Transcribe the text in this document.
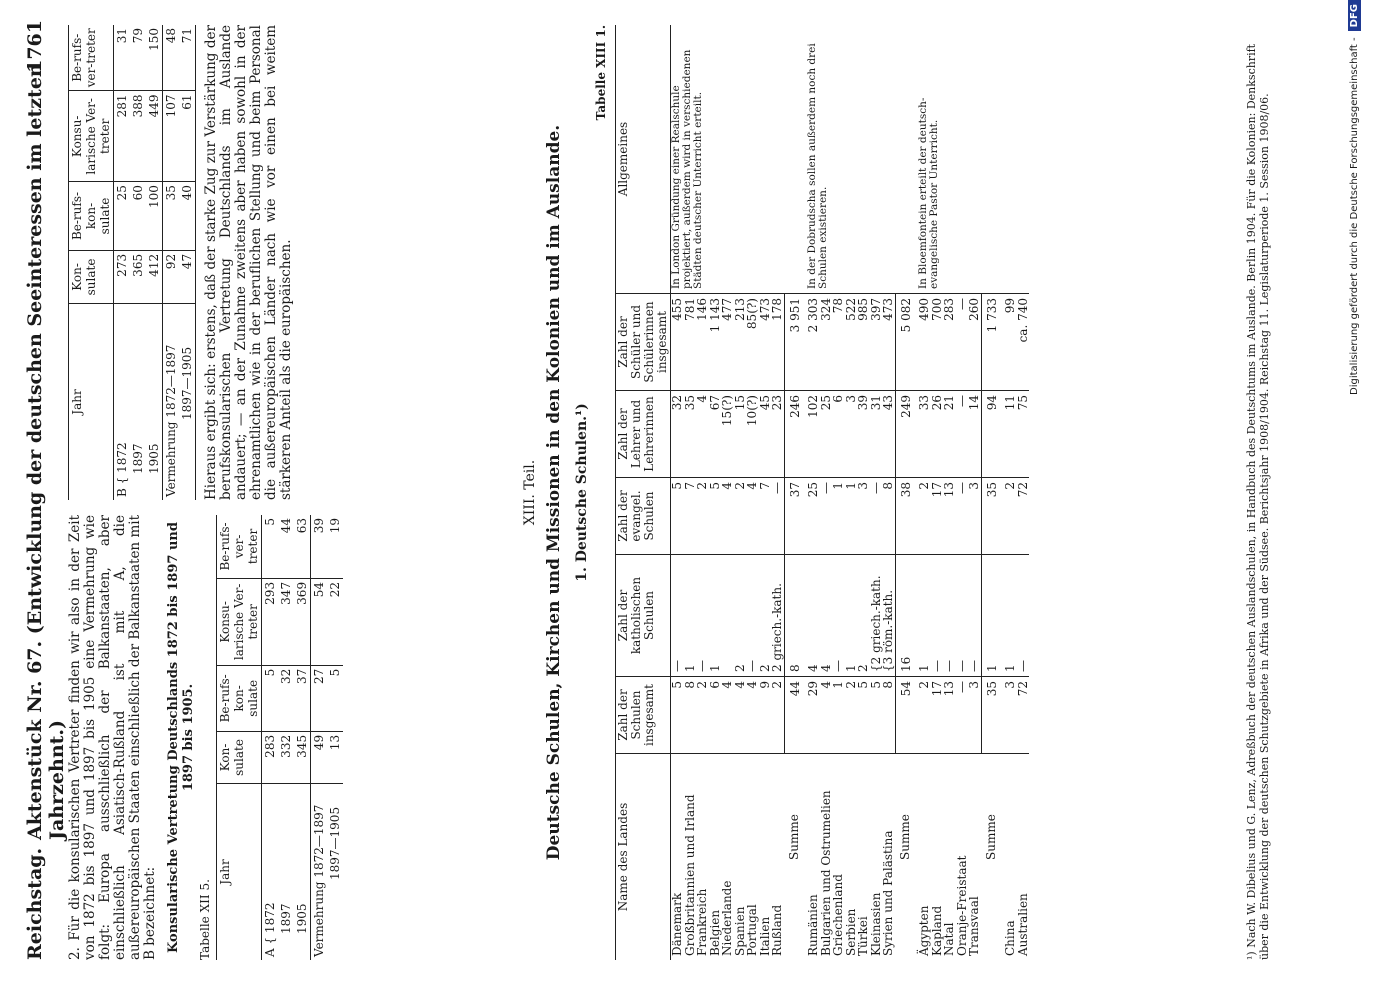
Reichstag.
Aktenstück Nr. 67. (Entwicklung der deutschen Seeinteressen im letzten Jahrzehnt.)
1761

2. Für die konsularischen Vertreter finden wir also in der Zeit von 1872 bis 1897 und 1897 bis 1905 eine Vermehrung wie folgt: Europa ausschließlich der Balkanstaaten, aber einschließlich Asiatisch-Rußland ist mit A, die außereuropäischen Staaten einschließlich der Balkanstaaten mit B bezeichnet: Konsularische Vertretung Deutschlands 1872 bis 1897 und 1897 bis 1905.
Tabelle XII 5.
Jahr	Kon-sulate	Be-rufs-kon-sulate	Konsu-larische Ver-treter	Be-rufs-ver-treter
A { 1872	283	5	293	5
1897	332	32	347	44
1905	345	37	369	63
Vermehrung 1872—1897	49	27	54	39
1897—1905	13	5	22	19
Jahr	Kon-sulate	Be-rufs-kon-sulate	Konsu-larische Ver-treter	Be-rufs-ver-treter
B { 1872	273	25	281	31
1897	365	60	388	79
1905	412	100	449	150
Vermehrung 1872—1897	92	35	107	48
1897—1905	47	40	61	71 Hieraus ergibt sich: erstens, daß der starke Zug zur Verstärkung der berufskonsularischen Vertretung Deutschlands im Auslande andauert; — an der Zunahme zweitens aber haben sowohl in der ehrenamtlichen wie in der beruflichen Stellung und beim Personal die außereuropäischen Länder nach wie vor einen bei weitem stärkeren Anteil als die europäischen.	XIII. Teil. Deutsche Schulen, Kirchen und Missionen in den Kolonien und im Auslande. 1. Deutsche Schulen.¹)
Tabelle XIII 1.
Name des Landes	Zahl der Schulen insgesamt	Zahl der katholischen Schulen	Zahl der evangel. Schulen	Zahl der Lehrer und Lehrerinnen	Zahl der Schüler und Schülerinnen insgesamt	Allgemeines
Dänemark	5	—	5	32	455	In London Gründung einer Realschule projektiert, außerdem wird in verschiedenen Städten deutscher Unterricht erteilt.
Großbritannien und Irland	8	1	7	35	781	
Frankreich	2	—	2	4	146	
Belgien	6	1	5	67	1 143	
Niederlande	4		4	15(?)	477	
Spanien	4	2	2	15	213	
Portugal	4	—	4	10(?)	85(?)	
Italien	9	2	7	45	473	
Rußland	2	2 griech.-kath.	—	23	178	
Summe	44	8	37	246	3 951	
Rumänien	29	4	25	102	2 303	In der Dobrudscha sollen außerdem noch drei Schulen existieren.
Bulgarien und Ostrumelien	4	4	—	25	324	
Griechenland	1	—	1	6	78	
Serbien	2	1	1	3	522	
Türkei	5	2	3	39	985	
Kleinasien	5	{2 griech.-kath.	—	31	397	
Syrien und Palästina	8	{3 röm.-kath.	8	43	473	
Summe	54	16	38	249	5 082	
Ägypten	2	1	2	33	490	In Bloemfontein erteilt der deutsch-evangelische Pastor Unterricht.
Kapland	17	—	17	26	700	
Natal	13	—	13	21	283	
Oranje-Freistaat	—	—	—	—	—	
Transvaal	3	—	3	14	260	
Summe	35	1	35	94	1 733	
China	3	1	2	11	99	
Australien	72	—	72	75	ca. 740		¹) Nach W. Dibelius und G. Lenz, Adreßbuch der deutschen Auslandschulen, in Handbuch des Deutschtums im Auslande. Berlin 1904. Für die Kolonien: Denkschrift über die Entwicklung der deutschen Schutzgebiete in Afrika und der Südsee. Berichtsjahr 1908/1904. Reichstag 11. Legislaturperiode 1. Session 1908/06.	Digitalisierung gefördert durch die Deutsche Forschungsgemeinschaft -DFG
